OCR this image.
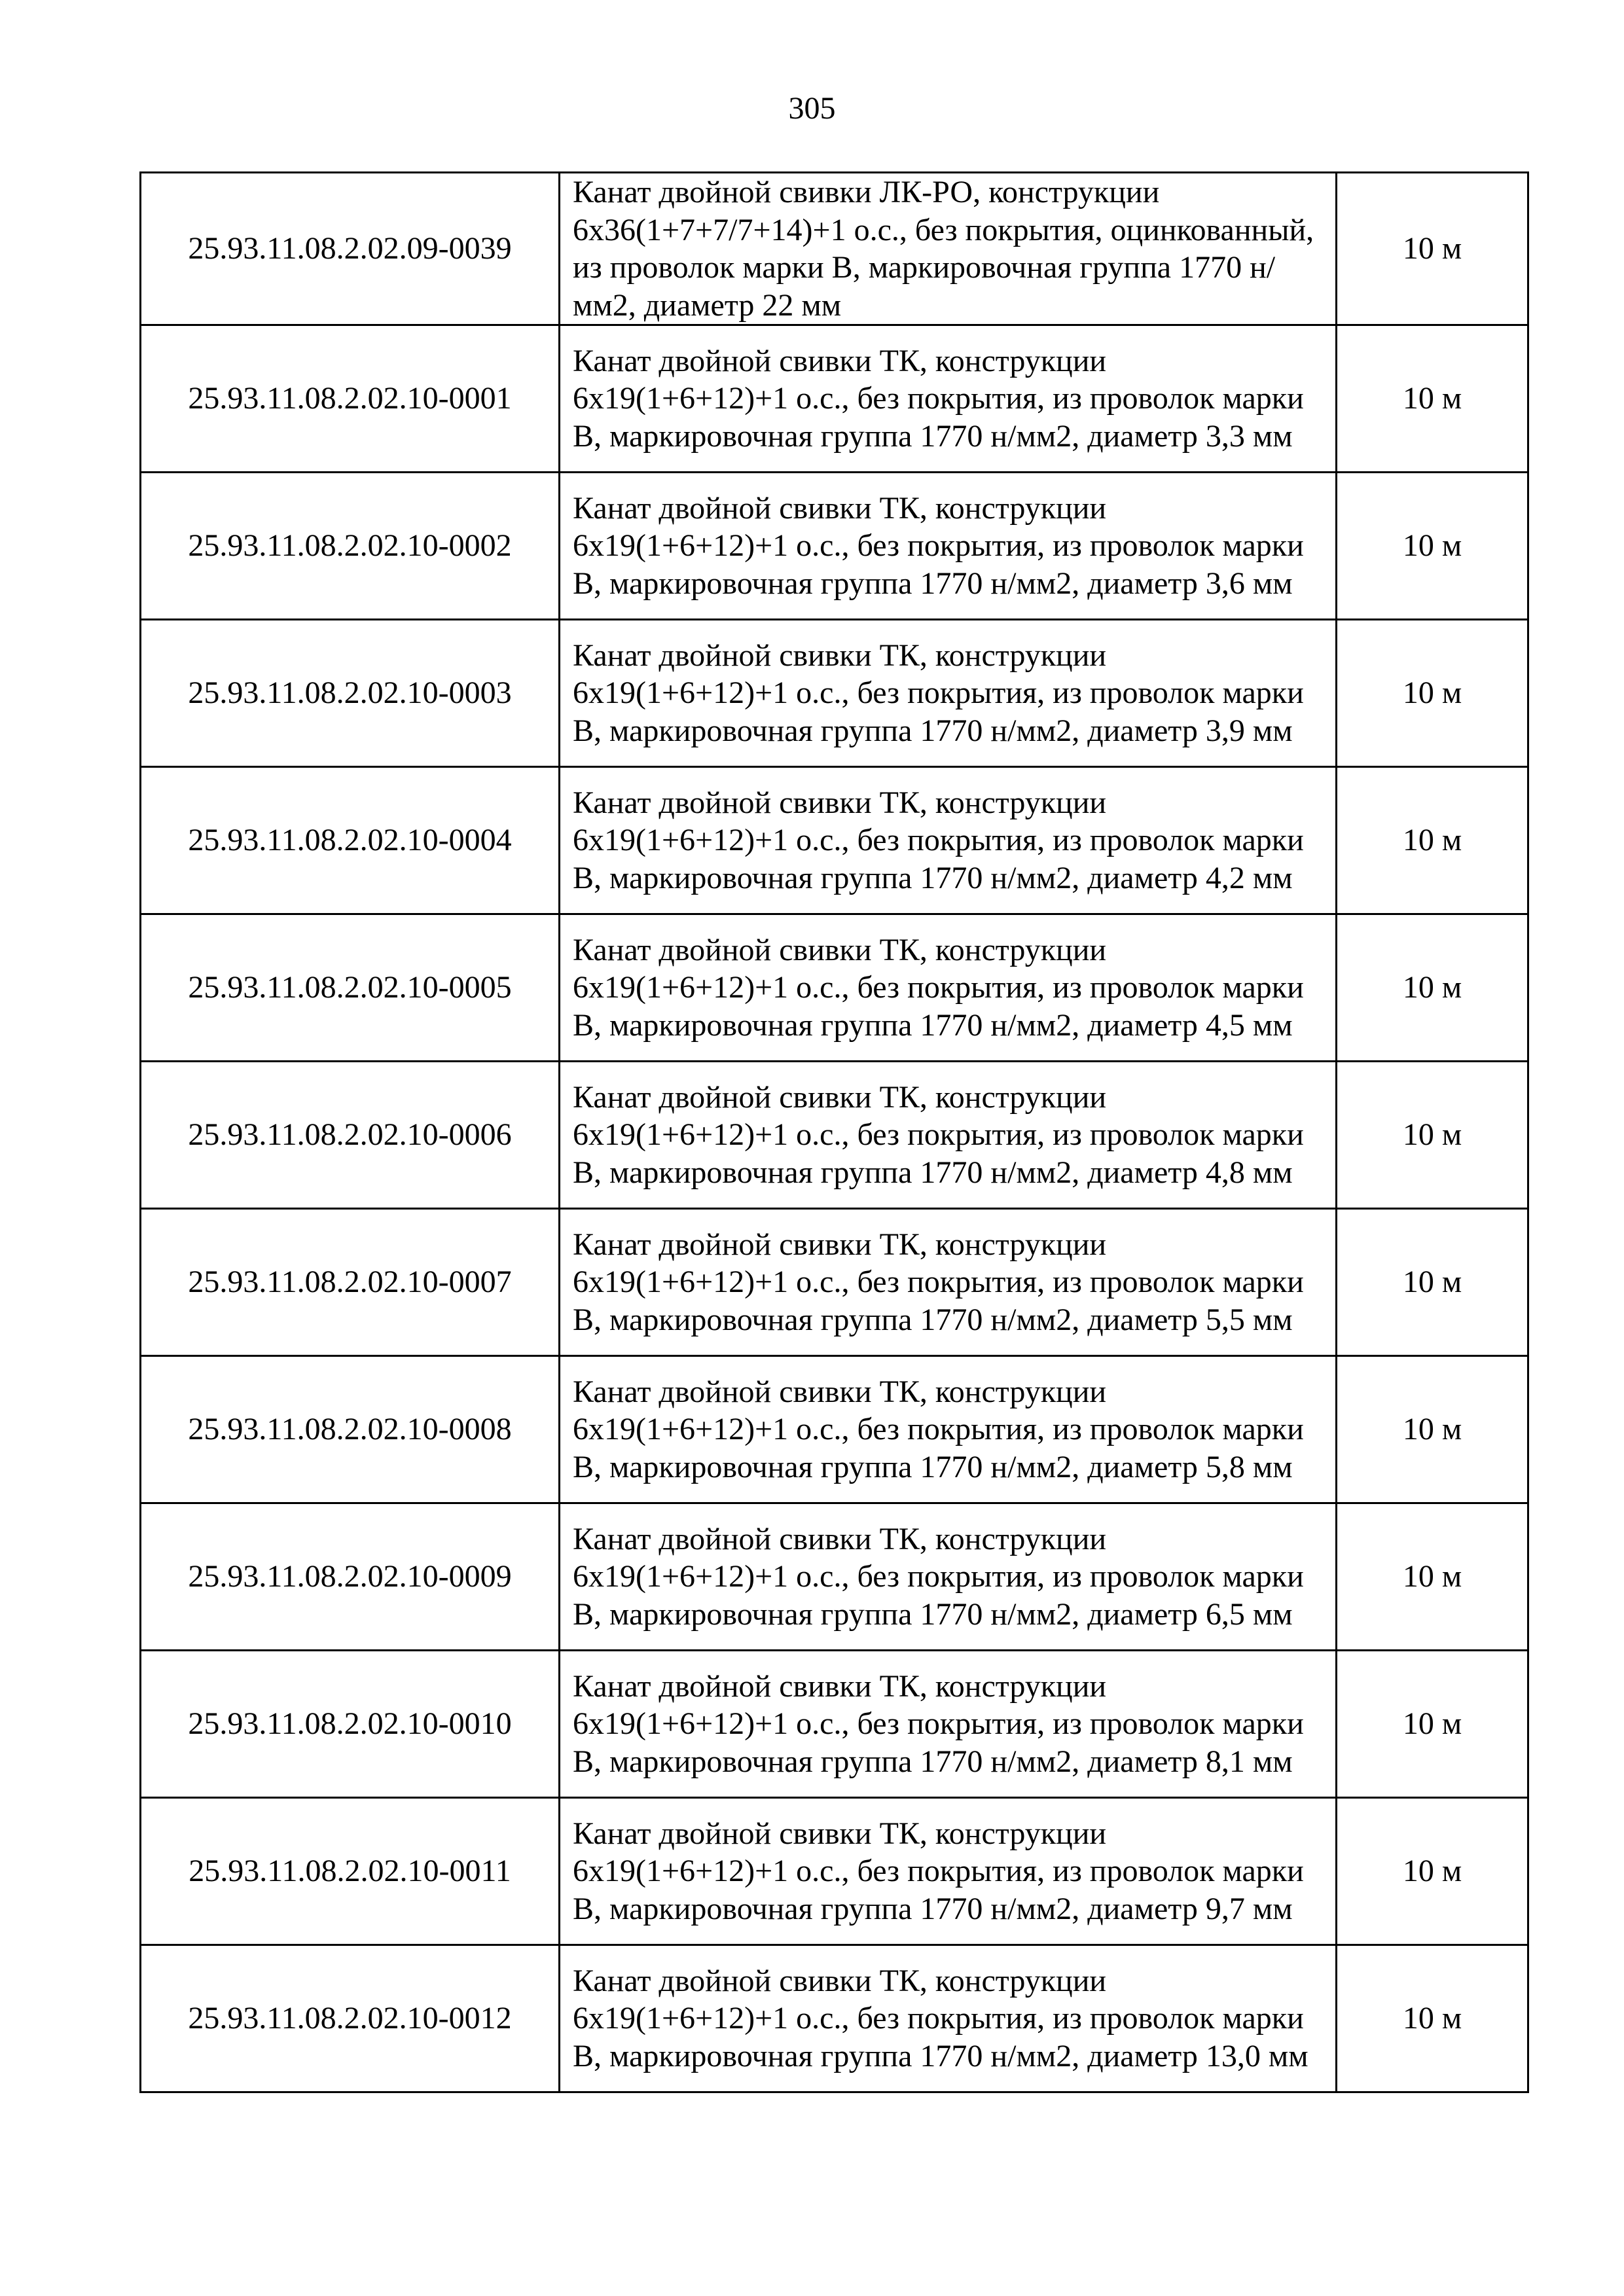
305
25.93.11.08.2.02.09-0039	Канат двойной свивки ЛК-РО, конструкции 6х36(1+7+7/7+14)+1 о.с., без покрытия, оцинкованный, из проволок марки В, маркировочная группа 1770 н/мм2, диаметр 22 мм	10 м
25.93.11.08.2.02.10-0001	Канат двойной свивки ТК, конструкции 6х19(1+6+12)+1 о.с., без покрытия, из проволок марки В, маркировочная группа 1770 н/мм2, диаметр 3,3 мм	10 м
25.93.11.08.2.02.10-0002	Канат двойной свивки ТК, конструкции 6х19(1+6+12)+1 о.с., без покрытия, из проволок марки В, маркировочная группа 1770 н/мм2, диаметр 3,6 мм	10 м
25.93.11.08.2.02.10-0003	Канат двойной свивки ТК, конструкции 6х19(1+6+12)+1 о.с., без покрытия, из проволок марки В, маркировочная группа 1770 н/мм2, диаметр 3,9 мм	10 м
25.93.11.08.2.02.10-0004	Канат двойной свивки ТК, конструкции 6х19(1+6+12)+1 о.с., без покрытия, из проволок марки В, маркировочная группа 1770 н/мм2, диаметр 4,2 мм	10 м
25.93.11.08.2.02.10-0005	Канат двойной свивки ТК, конструкции 6х19(1+6+12)+1 о.с., без покрытия, из проволок марки В, маркировочная группа 1770 н/мм2, диаметр 4,5 мм	10 м
25.93.11.08.2.02.10-0006	Канат двойной свивки ТК, конструкции 6х19(1+6+12)+1 о.с., без покрытия, из проволок марки В, маркировочная группа 1770 н/мм2, диаметр 4,8 мм	10 м
25.93.11.08.2.02.10-0007	Канат двойной свивки ТК, конструкции 6х19(1+6+12)+1 о.с., без покрытия, из проволок марки В, маркировочная группа 1770 н/мм2, диаметр 5,5 мм	10 м
25.93.11.08.2.02.10-0008	Канат двойной свивки ТК, конструкции 6х19(1+6+12)+1 о.с., без покрытия, из проволок марки В, маркировочная группа 1770 н/мм2, диаметр 5,8 мм	10 м
25.93.11.08.2.02.10-0009	Канат двойной свивки ТК, конструкции 6х19(1+6+12)+1 о.с., без покрытия, из проволок марки В, маркировочная группа 1770 н/мм2, диаметр 6,5 мм	10 м
25.93.11.08.2.02.10-0010	Канат двойной свивки ТК, конструкции 6х19(1+6+12)+1 о.с., без покрытия, из проволок марки В, маркировочная группа 1770 н/мм2, диаметр 8,1 мм	10 м
25.93.11.08.2.02.10-0011	Канат двойной свивки ТК, конструкции 6х19(1+6+12)+1 о.с., без покрытия, из проволок марки В, маркировочная группа 1770 н/мм2, диаметр 9,7 мм	10 м
25.93.11.08.2.02.10-0012	Канат двойной свивки ТК, конструкции 6х19(1+6+12)+1 о.с., без покрытия, из проволок марки В, маркировочная группа 1770 н/мм2, диаметр 13,0 мм	10 м
